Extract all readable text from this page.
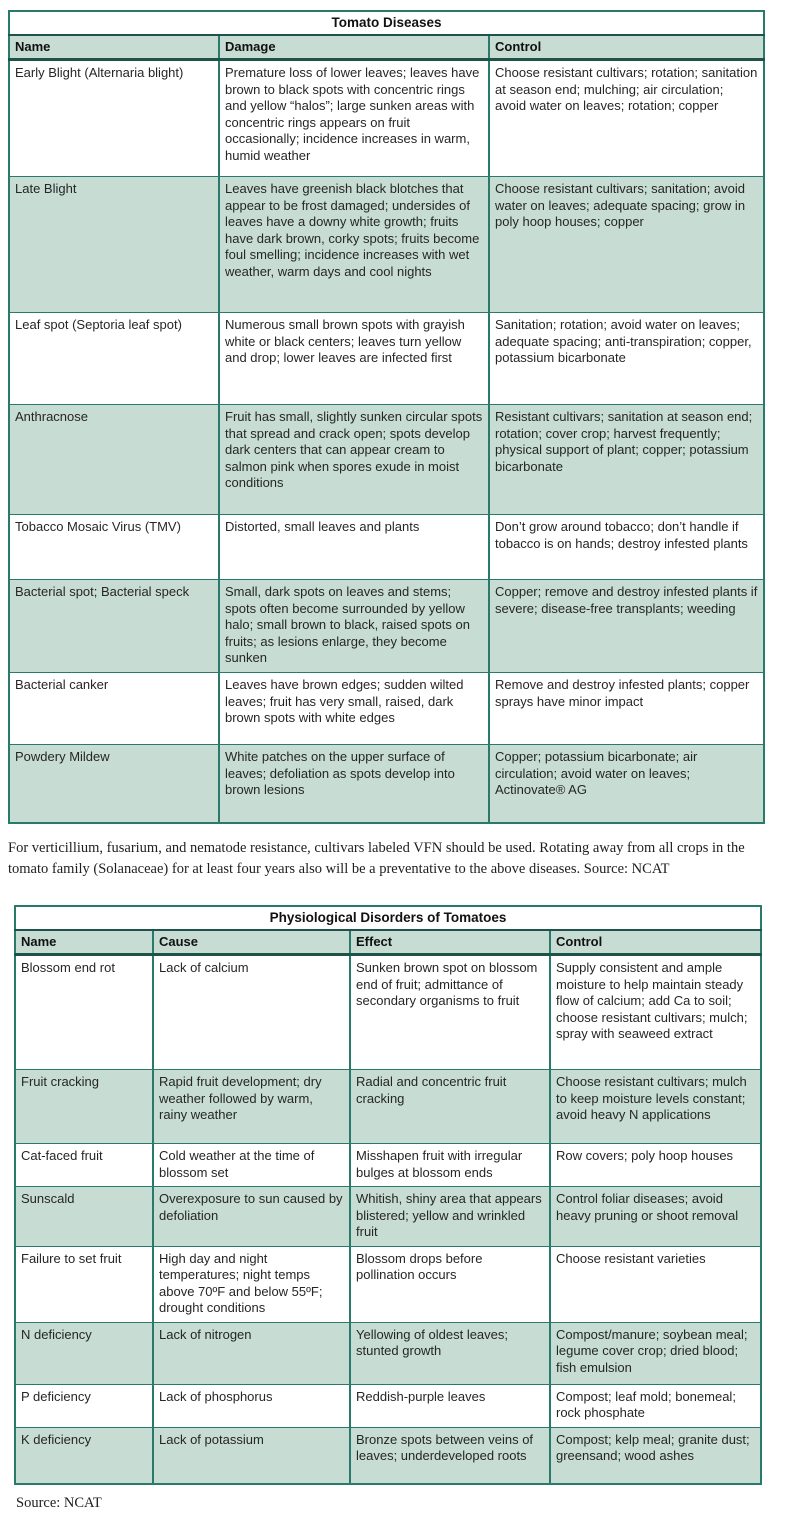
Tomato Diseases		
Name	Damage	Control
Early Blight (Alternaria blight)	Premature loss of lower leaves; leaves have brown to black spots with concentric rings and yellow “halos”; large sunken areas with concentric rings appears on fruit occasionally; incidence increases in warm, humid weather	Choose resistant cultivars; rotation; sanitation at season end; mulching; air circulation; avoid water on leaves; rotation; copper
Late Blight	Leaves have greenish black blotches that appear to be frost damaged; undersides of leaves have a downy white growth; fruits have dark brown, corky spots; fruits become foul smelling; incidence increases with wet weather, warm days and cool nights	Choose resistant cultivars; sanitation; avoid water on leaves; adequate spacing; grow in poly hoop houses; copper
Leaf spot (Septoria leaf spot)	Numerous small brown spots with grayish white or black centers; leaves turn yellow and drop; lower leaves are infected first	Sanitation; rotation; avoid water on leaves; adequate spacing; anti-transpiration; copper, potassium bicarbonate
Anthracnose	Fruit has small, slightly sunken circular spots that spread and crack open; spots develop dark centers that can appear cream to salmon pink when spores exude in moist conditions	Resistant cultivars; sanitation at season end; rotation; cover crop; harvest frequently; physical support of plant; copper; potassium bicarbonate
Tobacco Mosaic Virus (TMV)	Distorted, small leaves and plants	Don’t grow around tobacco; don’t handle if tobacco is on hands; destroy infested plants
Bacterial spot; Bacterial speck	Small, dark spots on leaves and stems; spots often become surrounded by yellow halo; small brown to black, raised spots on fruits; as lesions enlarge, they become sunken	Copper; remove and destroy infested plants if severe; disease-free transplants; weeding
Bacterial canker	Leaves have brown edges; sudden wilted leaves; fruit has very small, raised, dark brown spots with white edges	Remove and destroy infested plants; copper sprays have minor impact
Powdery Mildew	White patches on the upper surface of leaves; defoliation as spots develop into brown lesions	Copper; potassium bicarbonate; air circulation; avoid water on leaves; Actinovate® AG

For verticillium, fusarium, and nematode resistance, cultivars labeled VFN should be used. Rotating away from all crops in the tomato family (Solanaceae) for at least four years also will be a preventative to the above diseases. Source: NCAT

Physiological Disorders of Tomatoes			
Name	Cause	Effect	Control
Blossom end rot	Lack of calcium	Sunken brown spot on blossom end of fruit; admittance of secondary organisms to fruit	Supply consistent and ample moisture to help maintain steady flow of calcium; add Ca to soil; choose resistant cultivars; mulch; spray with seaweed extract
Fruit cracking	Rapid fruit development; dry weather followed by warm, rainy weather	Radial and concentric fruit cracking	Choose resistant cultivars; mulch to keep moisture levels constant; avoid heavy N applications
Cat-faced fruit	Cold weather at the time of blossom set	Misshapen fruit with irregular bulges at blossom ends	Row covers; poly hoop houses
Sunscald	Overexposure to sun caused by defoliation	Whitish, shiny area that appears blistered; yellow and wrinkled fruit	Control foliar diseases; avoid heavy pruning or shoot removal
Failure to set fruit	High day and night temperatures; night temps above 70ºF and below 55ºF; drought conditions	Blossom drops before pollination occurs	Choose resistant varieties
N deficiency	Lack of nitrogen	Yellowing of oldest leaves; stunted growth	Compost/manure; soybean meal; legume cover crop; dried blood; fish emulsion
P deficiency	Lack of phosphorus	Reddish-purple leaves	Compost; leaf mold; bonemeal; rock phosphate
K deficiency	Lack of potassium	Bronze spots between veins of leaves; underdeveloped roots	Compost; kelp meal; granite dust; greensand; wood ashes

Source: NCAT
